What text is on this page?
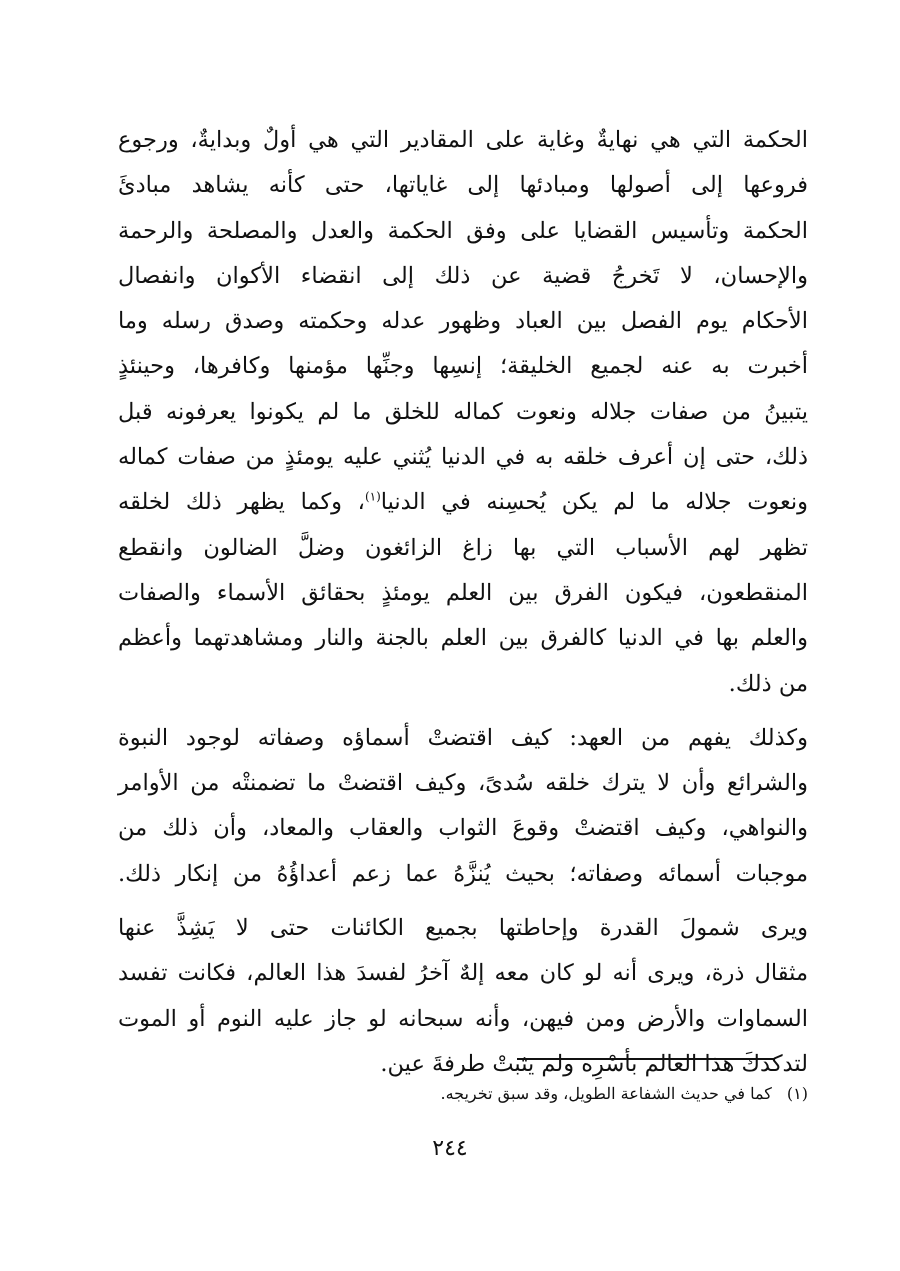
الحكمة التي هي نهايةٌ وغاية على المقادير التي هي أولٌ وبدايةٌ، ورجوع
فروعها إلى أصولها ومبادئها إلى غاياتها، حتى كأنه يشاهد مبادئَ
الحكمة وتأسيس القضايا على وفق الحكمة والعدل والمصلحة والرحمة
والإحسان، لا تَخرجُ قضية عن ذلك إلى انقضاء الأكوان وانفصال
الأحكام يوم الفصل بين العباد وظهور عدله وحكمته وصدق رسله وما
أخبرت به عنه لجميع الخليقة؛ إنسِها وجنِّها مؤمنها وكافرها، وحينئذٍ
يتبينُ من صفات جلاله ونعوت كماله للخلق ما لم يكونوا يعرفونه قبل
ذلك، حتى إن أعرف خلقه به في الدنيا يُثني عليه يومئذٍ من صفات كماله
ونعوت جلاله ما لم يكن يُحسِنه في الدنيا$^{(١)}$، وكما يظهر ذلك لخلقه
تظهر لهم الأسباب التي بها زاغ الزائغون وضلَّ الضالون وانقطع
المنقطعون، فيكون الفرق بين العلم يومئذٍ بحقائق الأسماء والصفات
والعلم بها في الدنيا كالفرق بين العلم بالجنة والنار ومشاهدتهما وأعظم
من ذلك.

وكذلك يفهم من العهد: كيف اقتضتْ أسماؤه وصفاته لوجود النبوة
والشرائع وأن لا يترك خلقه سُدىً، وكيف اقتضتْ ما تضمنتْه من الأوامر
والنواهي، وكيف اقتضتْ وقوعَ الثواب والعقاب والمعاد، وأن ذلك من
موجبات أسمائه وصفاته؛ بحيث يُنزَّهُ عما زعم أعداؤُهُ من إنكار ذلك.

ويرى شمولَ القدرة وإحاطتها بجميع الكائنات حتى لا يَشِذَّ عنها
مثقال ذرة، ويرى أنه لو كان معه إلهٌ آخرُ لفسدَ هذا العالم، فكانت تفسد
السماوات والأرض ومن فيهن، وأنه سبحانه لو جاز عليه النوم أو الموت
لتدكدكَ هذا العالم بأسْرِه ولم يثبتْ طرفةَ عين.

(١) كما في حديث الشفاعة الطويل، وقد سبق تخريجه.
٢٤٤
